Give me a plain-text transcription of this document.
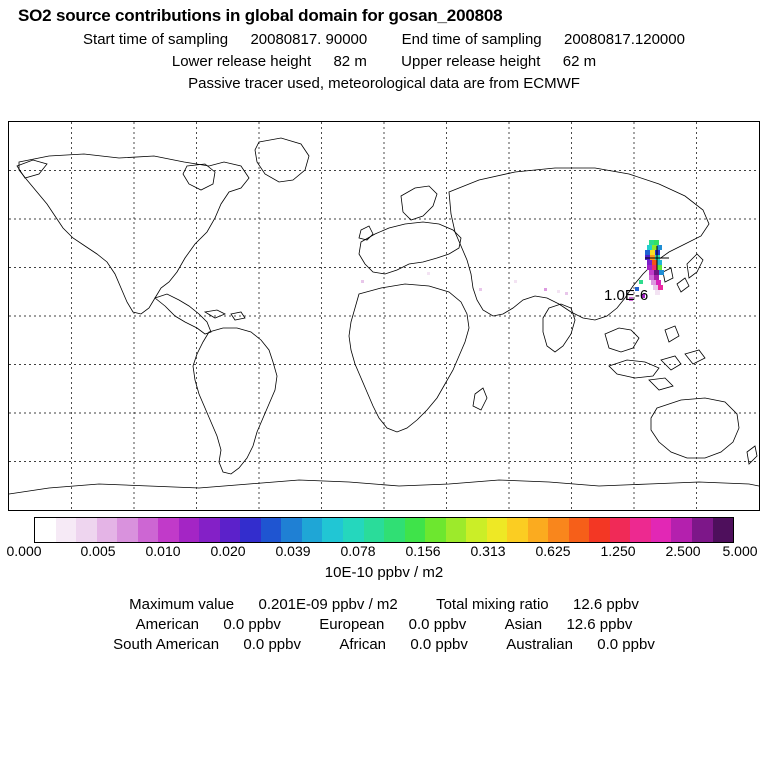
SO2 source contributions in global domain for gosan_200808
Start time of sampling 20080817. 90000 End time of sampling 20080817.120000
Lower release height 82 m Upper release height 62 m
Passive tracer used, meteorological data are from ECMWF
1.0E-6
0.000	0.005 0.010 0.020 0.039 0.078 0.156 0.313 0.625 1.250 2.500 5.000
10E-10 ppbv / m2
Maximum value 0.201E-09 ppbv / m2	Total mixing ratio 12.6 ppbv
American 0.0 ppbv	European 0.0 ppbv	Asian 12.6 ppbv
South American 0.0 ppbv	African 0.0 ppbv	Australian 0.0 ppbv
